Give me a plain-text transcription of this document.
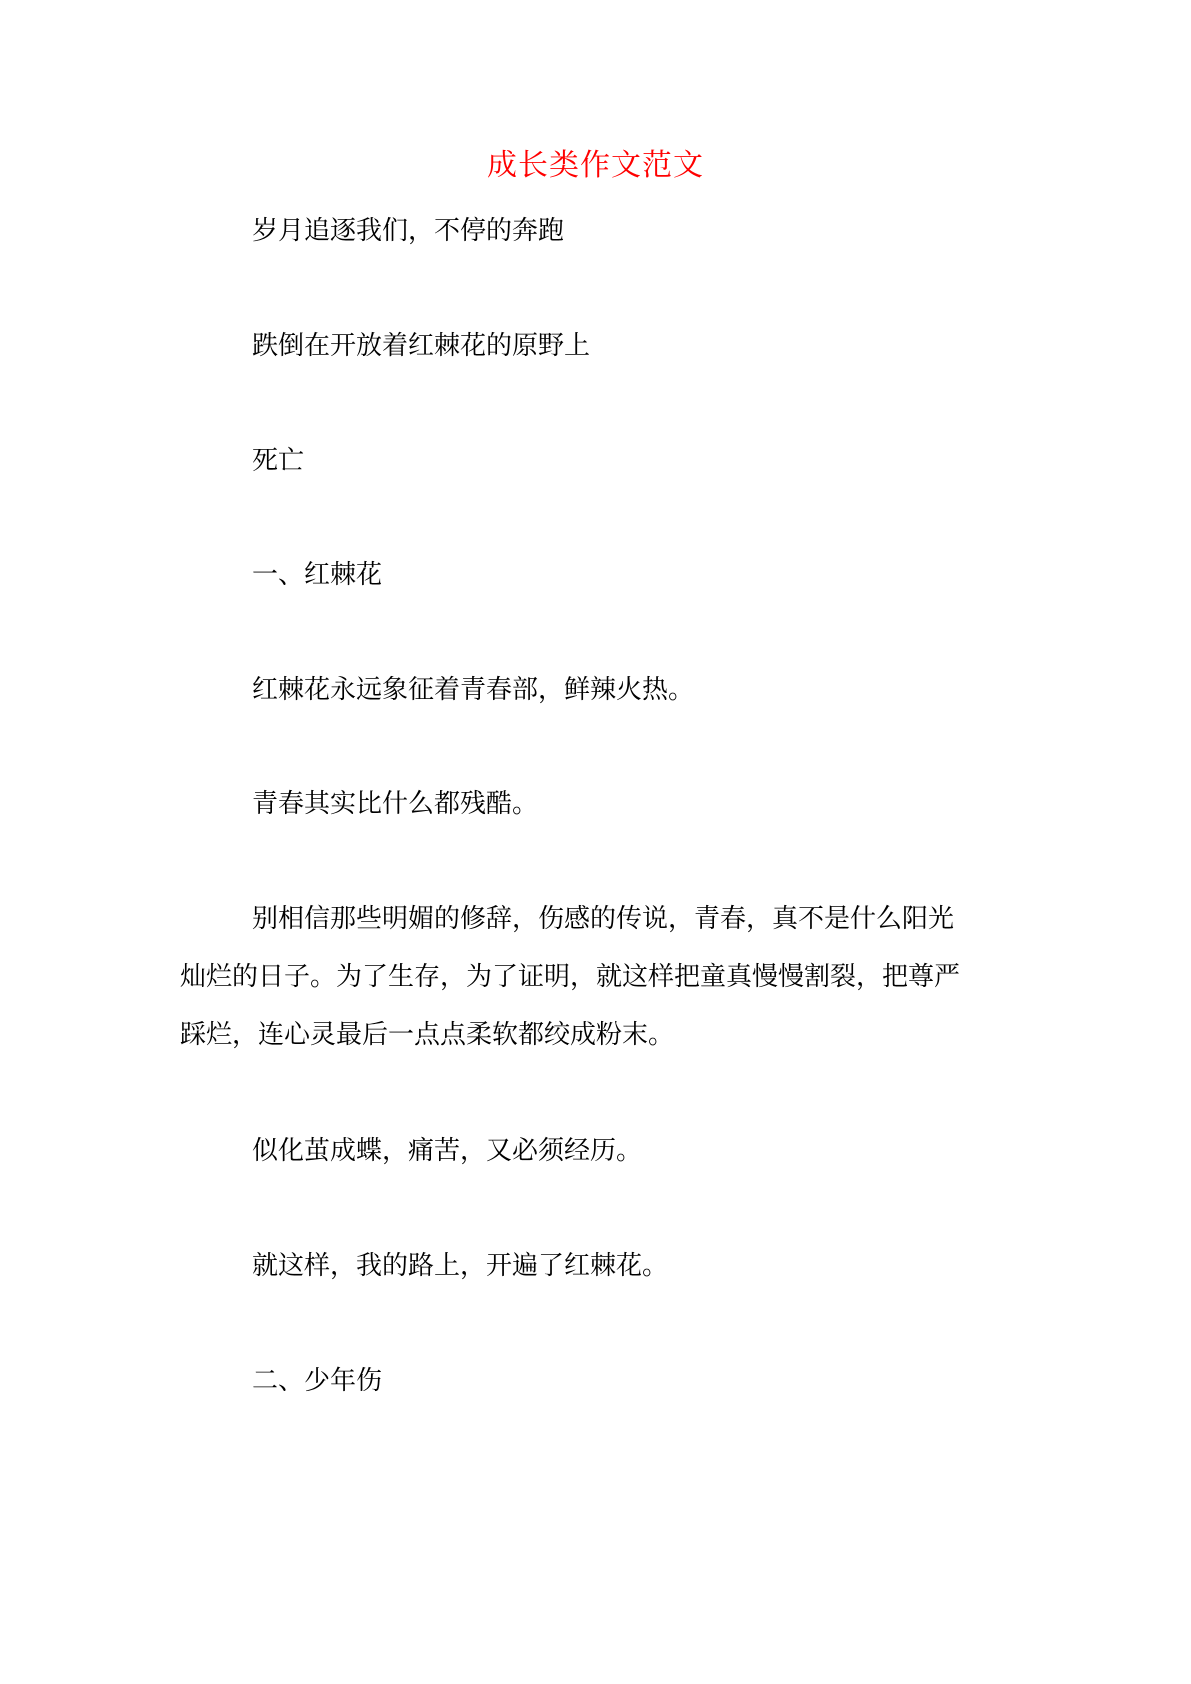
成长类作文范文
岁月追逐我们，不停的奔跑
跌倒在开放着红棘花的原野上
死亡
一、红棘花
红棘花永远象征着青春部，鲜辣火热。
青春其实比什么都残酷。
别相信那些明媚的修辞，伤感的传说，青春，真不是什么阳光
灿烂的日子。为了生存，为了证明，就这样把童真慢慢割裂，把尊严
踩烂，连心灵最后一点点柔软都绞成粉末。
似化茧成蝶，痛苦，又必须经历。
就这样，我的路上，开遍了红棘花。
二、少年伤
